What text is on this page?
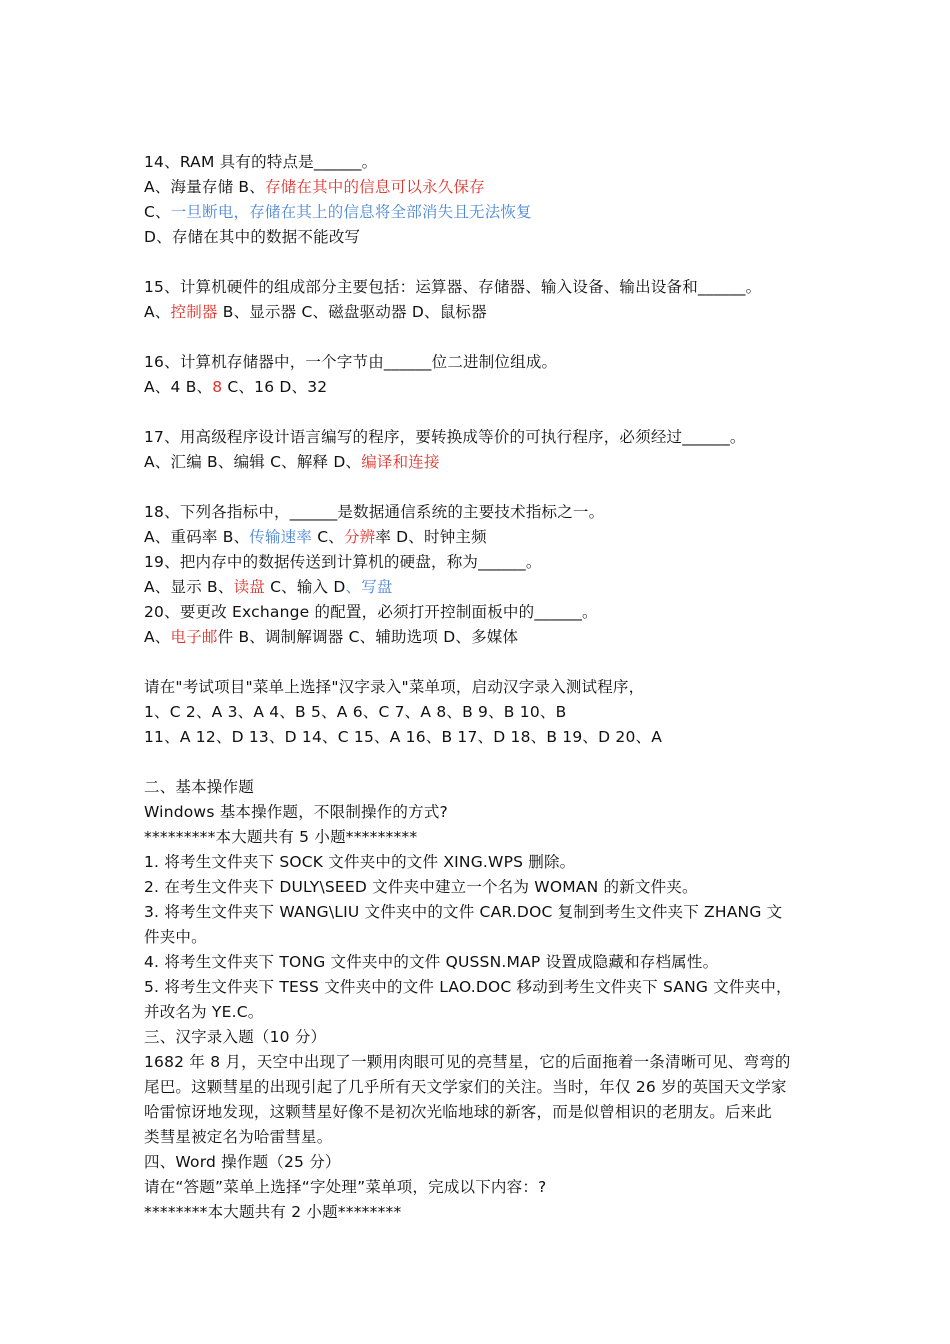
14、RAM 具有的特点是______。
A、海量存储 B、存储在其中的信息可以永久保存
C、一旦断电，存储在其上的信息将全部消失且无法恢复
D、存储在其中的数据不能改写
15、计算机硬件的组成部分主要包括：运算器、存储器、输入设备、输出设备和______。
A、控制器 B、显示器 C、磁盘驱动器 D、鼠标器
16、计算机存储器中，一个字节由______位二进制位组成。
A、4 B、8 C、16 D、32
17、用高级程序设计语言编写的程序，要转换成等价的可执行程序，必须经过______。
A、汇编 B、编辑 C、解释 D、编译和连接
18、下列各指标中，______是数据通信系统的主要技术指标之一。
A、重码率 B、传输速率 C、分辨率 D、时钟主频
19、把内存中的数据传送到计算机的硬盘，称为______。
A、显示 B、读盘 C、输入 D、写盘
20、要更改 Exchange 的配置，必须打开控制面板中的______。
A、电子邮件 B、调制解调器 C、辅助选项 D、多媒体
请在"考试项目"菜单上选择"汉字录入"菜单项，启动汉字录入测试程序，
1、C 2、A 3、A 4、B 5、A 6、C 7、A 8、B 9、B 10、B
11、A 12、D 13、D 14、C 15、A 16、B 17、D 18、B 19、D 20、A
二、基本操作题
Windows 基本操作题，不限制操作的方式?
*********本大题共有 5 小题*********
1. 将考生文件夹下 SOCK 文件夹中的文件 XING.WPS 删除。
2. 在考生文件夹下 DULY\SEED 文件夹中建立一个名为 WOMAN 的新文件夹。
3. 将考生文件夹下 WANG\LIU 文件夹中的文件 CAR.DOC 复制到考生文件夹下 ZHANG 文
件夹中。
4. 将考生文件夹下 TONG 文件夹中的文件 QUSSN.MAP 设置成隐藏和存档属性。
5. 将考生文件夹下 TESS 文件夹中的文件 LAO.DOC 移动到考生文件夹下 SANG 文件夹中，
并改名为 YE.C。
三、汉字录入题（10 分）
1682 年 8 月，天空中出现了一颗用肉眼可见的亮彗星，它的后面拖着一条清晰可见、弯弯的
尾巴。这颗彗星的出现引起了几乎所有天文学家们的关注。当时，年仅 26 岁的英国天文学家
哈雷惊讶地发现，这颗彗星好像不是初次光临地球的新客，而是似曾相识的老朋友。后来此
类彗星被定名为哈雷彗星。
四、Word 操作题（25 分）
请在“答题”菜单上选择“字处理”菜单项，完成以下内容：?
********本大题共有 2 小题********
